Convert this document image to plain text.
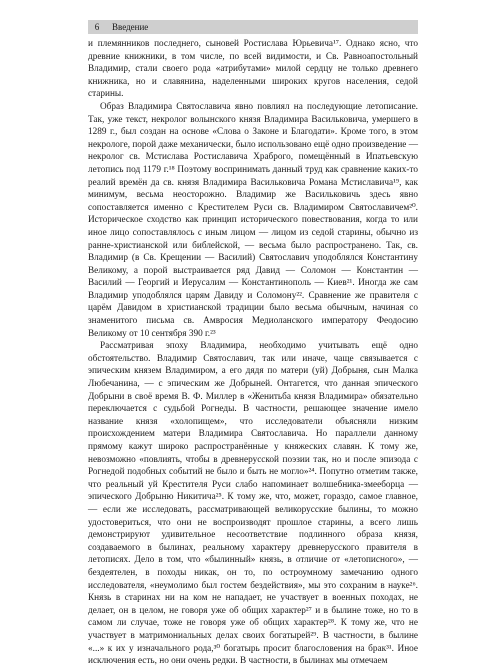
6	Введение

и племянников последнего, сыновей Ростислава Юрьевича¹⁷. Однако ясно, что древние книжники, в том числе, по всей видимости, и Св. Равноапостольный Владимир, стали своего рода «атрибутами» милой сердцу не только древнего книжника, но и славянина, наделенными широких кругов населения, седой старины.

Образ Владимира Святославича явно повлиял на последующие летописание. Так, уже текст, некролог волынского князя Владимира Васильковича, умершего в 1289 г., был создан на основе «Слова о Законе и Благодати». Кроме того, в этом некрологе, порой даже механически, было использовано ещё одно произведение — некролог св. Мстислава Ростиславича Храброго, помещённый в Ипатьевскую летопись под 1179 г.¹⁸ Поэтому воспринимать данный труд как сравнение каких-то реалий времён да св. князя Владимира Васильковича Романа Мстиславича¹⁹, как минимум, весьма неосторожно. Владимир же Васильковичь здесь явно сопоставляется именно с Крестителем Руси св. Владимиром Святославичем²⁰. Историческое сходство как принцип исторического повествования, когда то или иное лицо сопоставлялось с иным лицом — лицом из седой старины, обычно из ранне-христианской или библейской, — весьма было распространено. Так, св. Владимир (в Св. Крещении — Василий) Святославич уподоблялся Константину Великому, а порой выстраивается ряд Давид — Соломон — Константин — Василий — Георгий и Иерусалим — Константинополь — Киев²¹. Иногда же сам Владимир уподоблялся царям Давиду и Соломону²². Сравнение же правителя с царём Давидом в христианской традиции было весьма обычным, начиная со знаменитого письма св. Амвросия Медиоланского императору Феодосию Великому от 10 сентября 390 г.²³

Рассматривая эпоху Владимира, необходимо учитывать ещё одно обстоятельство. Владимир Святославич, так или иначе, чаще связывается с эпическим князем Владимиром, а его дядя по матери (уй) Добрыня, сын Малка Любечанина, — с эпическим же Добрыней. Онтагется, что данная эпического Добрыни в своё время В. Ф. Миллер в «Женитьба князя Владимира» обязательно переключается с судьбой Рогнеды. В частности, решающее значение имело название князя «холопищем», что исследователи объясняли низким происхождением матери Владимира Святославича. Но параллели данному прямому кажут широко распространённые у княжеских славян. К тому же, невозможно «повлиять, чтобы в древнерусской поэзии так, но и после эпизода с Рогнедой подобных событий не было и быть не могло»²⁴. Попутно отметим также, что реальный уй Крестителя Руси слабо напоминает волшебника-змееборца — эпического Добрыню Никитича²⁵. К тому же, что, может, гораздо, самое главное, — если же исследовать, рассматривающей великорусские былины, то можно удостовериться, что они не воспроизводят прошлое старины, а всего лишь демонстрируют удивительное несоответствие подлинного образа князя, создаваемого в былинах, реальному характеру древнерусского правителя в летописях. Дело в том, что «былинный» князь, в отличие от «летописного», — бездеятелен, в походы никак, он то, по остроумному замечанию одного исследователя, «неумолимо был гостем бездействия», мы это сохраним в науке²⁶. Князь в старинах ни на ком не нападает, не участвует в военных походах, не делает, он в целом, не говоря уже об общих характер²⁷ и в былине тоже, но то в самом ли случае, тоже не говоря уже об общих характер²⁸. К тому же, что не участвует в матримониальных делах своих богатырей²⁹. В частности, в былине «...» к их у изначального рода,³⁰ богатырь просит благословения на брак³¹. Иное исключения есть, но они очень редки. В частности, в былинах мы отмечаем
